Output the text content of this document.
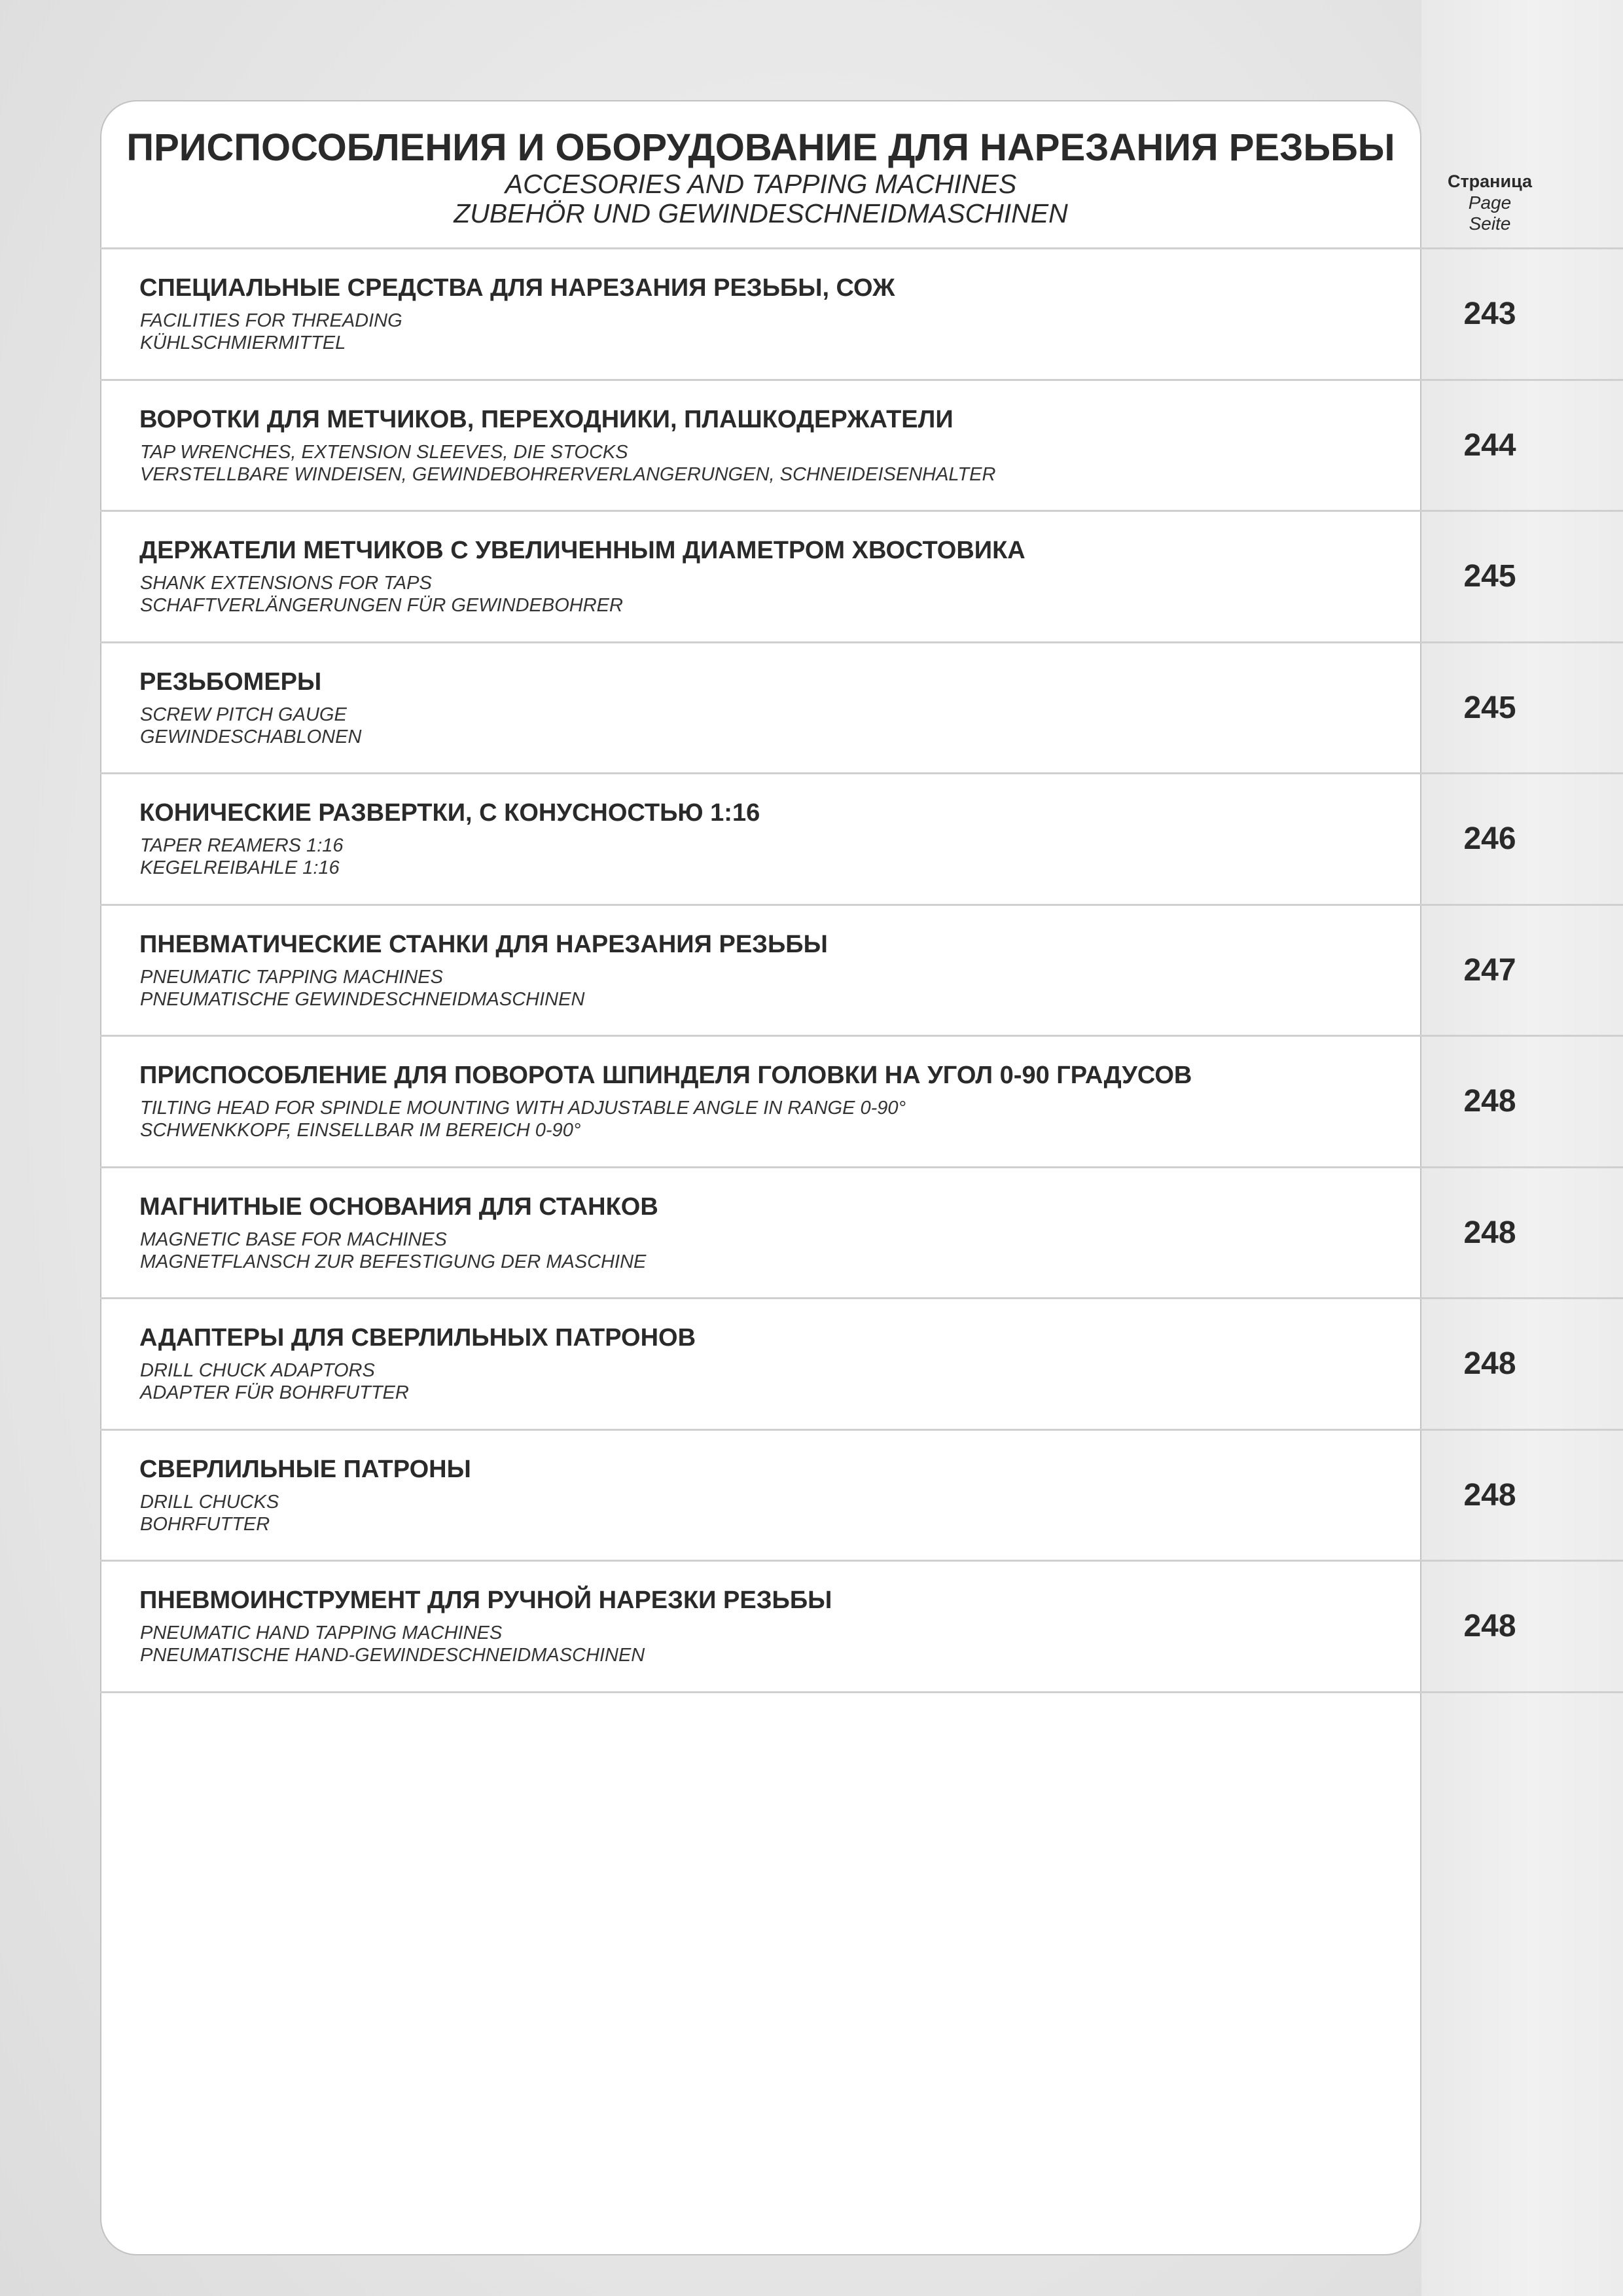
ПРИСПОСОБЛЕНИЯ И ОБОРУДОВАНИЕ ДЛЯ НАРЕЗАНИЯ РЕЗЬБЫ
ACCESORIES AND TAPPING MACHINES
ZUBEHÖR UND GEWINDESCHNEIDMASCHINEN
Страница
Page
Seite
СПЕЦИАЛЬНЫЕ СРЕДСТВА ДЛЯ НАРЕЗАНИЯ РЕЗЬБЫ, СОЖ
FACILITIES FOR THREADING
KÜHLSCHMIERMITTEL
243
ВОРОТКИ ДЛЯ МЕТЧИКОВ, ПЕРЕХОДНИКИ, ПЛАШКОДЕРЖАТЕЛИ
TAP WRENCHES, EXTENSION SLEEVES, DIE STOCKS
VERSTELLBARE WINDEISEN, GEWINDEBOHRERVERLANGERUNGEN, SCHNEIDEISENHALTER
244
ДЕРЖАТЕЛИ МЕТЧИКОВ С УВЕЛИЧЕННЫМ ДИАМЕТРОМ ХВОСТОВИКА
SHANK EXTENSIONS FOR TAPS
SCHAFTVERLÄNGERUNGEN FÜR GEWINDEBOHRER
245
РЕЗЬБОМЕРЫ
SCREW PITCH GAUGE
GEWINDESCHABLONEN
245
КОНИЧЕСКИЕ РАЗВЕРТКИ, С КОНУСНОСТЬЮ 1:16
TAPER REAMERS 1:16
KEGELREIBAHLE 1:16
246
ПНЕВМАТИЧЕСКИЕ СТАНКИ ДЛЯ НАРЕЗАНИЯ РЕЗЬБЫ
PNEUMATIC TAPPING MACHINES
PNEUMATISCHE GEWINDESCHNEIDMASCHINEN
247
ПРИСПОСОБЛЕНИЕ ДЛЯ ПОВОРОТА ШПИНДЕЛЯ ГОЛОВКИ НА УГОЛ 0-90 ГРАДУСОВ
TILTING HEAD FOR SPINDLE MOUNTING WITH ADJUSTABLE ANGLE IN RANGE 0-90°
SCHWENKKOPF, EINSELLBAR IM BEREICH 0-90°
248
МАГНИТНЫЕ ОСНОВАНИЯ ДЛЯ СТАНКОВ
MAGNETIC BASE FOR MACHINES
MAGNETFLANSCH ZUR BEFESTIGUNG DER MASCHINE
248
АДАПТЕРЫ ДЛЯ СВЕРЛИЛЬНЫХ ПАТРОНОВ
DRILL CHUCK ADAPTORS
ADAPTER FÜR BOHRFUTTER
248
СВЕРЛИЛЬНЫЕ ПАТРОНЫ
DRILL CHUCKS
BOHRFUTTER
248
ПНЕВМОИНСТРУМЕНТ ДЛЯ РУЧНОЙ НАРЕЗКИ РЕЗЬБЫ
PNEUMATIC HAND TAPPING MACHINES
PNEUMATISCHE HAND-GEWINDESCHNEIDMASCHINEN
248
